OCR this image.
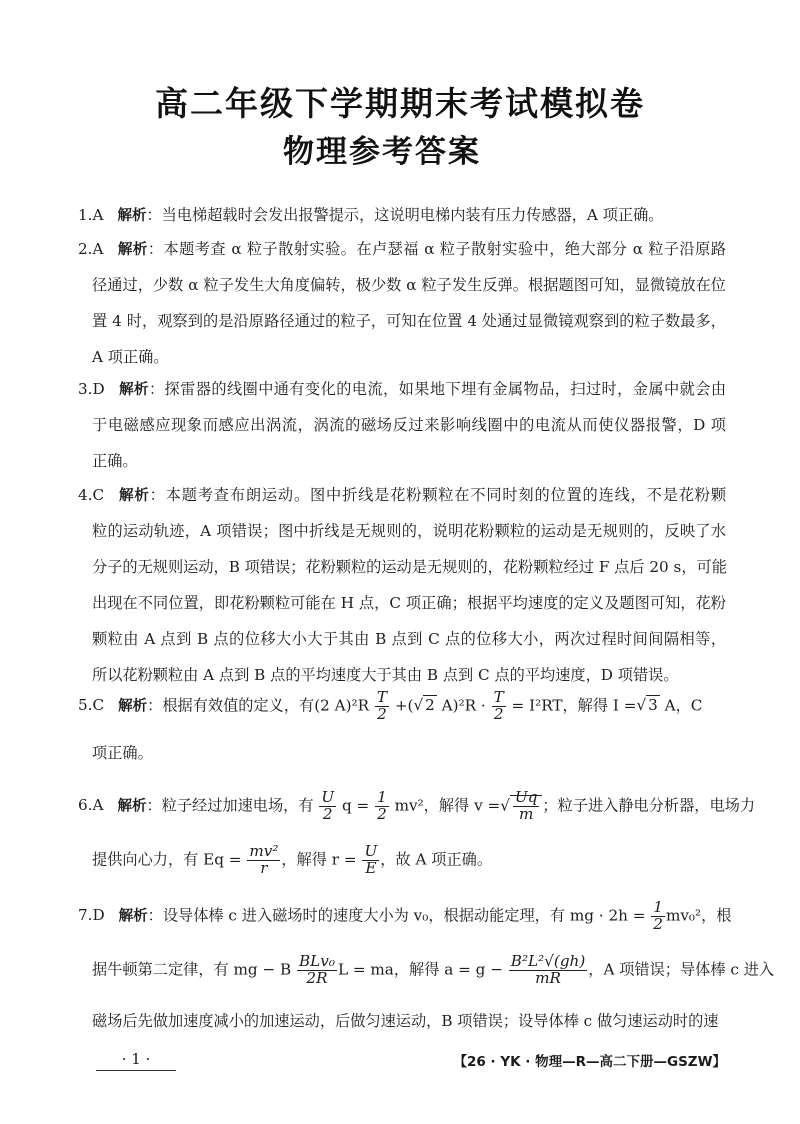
高二年级下学期期末考试模拟卷
物理参考答案
1.A 解析：当电梯超载时会发出报警提示，这说明电梯内装有压力传感器，A 项正确。
2.A 解析：本题考查 α 粒子散射实验。在卢瑟福 α 粒子散射实验中，绝大部分 α 粒子沿原路
径通过，少数 α 粒子发生大角度偏转，极少数 α 粒子发生反弹。根据题图可知，显微镜放在位
置 4 时，观察到的是沿原路径通过的粒子，可知在位置 4 处通过显微镜观察到的粒子数最多，
A 项正确。
3.D 解析：探雷器的线圈中通有变化的电流，如果地下埋有金属物品，扫过时，金属中就会由
于电磁感应现象而感应出涡流，涡流的磁场反过来影响线圈中的电流从而使仪器报警，D 项
正确。
4.C 解析：本题考查布朗运动。图中折线是花粉颗粒在不同时刻的位置的连线，不是花粉颗
粒的运动轨迹，A 项错误；图中折线是无规则的，说明花粉颗粒的运动是无规则的，反映了水
分子的无规则运动，B 项错误；花粉颗粒的运动是无规则的，花粉颗粒经过 F 点后 20 s，可能
出现在不同位置，即花粉颗粒可能在 H 点，C 项正确；根据平均速度的定义及题图可知，花粉
颗粒由 A 点到 B 点的位移大小大于其由 B 点到 C 点的位移大小，两次过程时间间隔相等，
所以花粉颗粒由 A 点到 B 点的平均速度大于其由 B 点到 C 点的平均速度，D 项错误。
5.C 解析：根据有效值的定义，有(2 $A)^2R \frac{T}{2}$ +(√ 2 $A)^2R \cdot \frac{T}{2} = I^2RT$，解得 I =√ 3 A，C
项正确。
6.A 解析：粒子经过加速电场，有 $\frac{U}{2}$ $q = \frac{1}{2} mv^2$，解得 v =√ $\frac{Uq}{m}$ ；粒子进入静电分析器，电场力
提供向心力，有 $Eq = \frac{\text{mv²}}{r}$ ，解得 $r = \frac{U}{E}$ ，故 A 项正确。
7.D 解析：设导体棒 c 进入磁场时的速度大小为 v₀，根据动能定理，有 mg · $2h = \frac{1}{2} mv_0^2$，根
据牛顿第二定律，有 mg − B $\frac{\text{BLv₀}}{2R}$ L = ma，解得 $a = g - \frac{\text{B²L²√(gh)}}{mR}$ ，A 项错误；导体棒 c 进入
磁场后先做加速度减小的加速运动，后做匀速运动，B 项错误；设导体棒 c 做匀速运动时的速
· 1 ·	【26 · YK · 物理—R—高二下册—GSZW】
